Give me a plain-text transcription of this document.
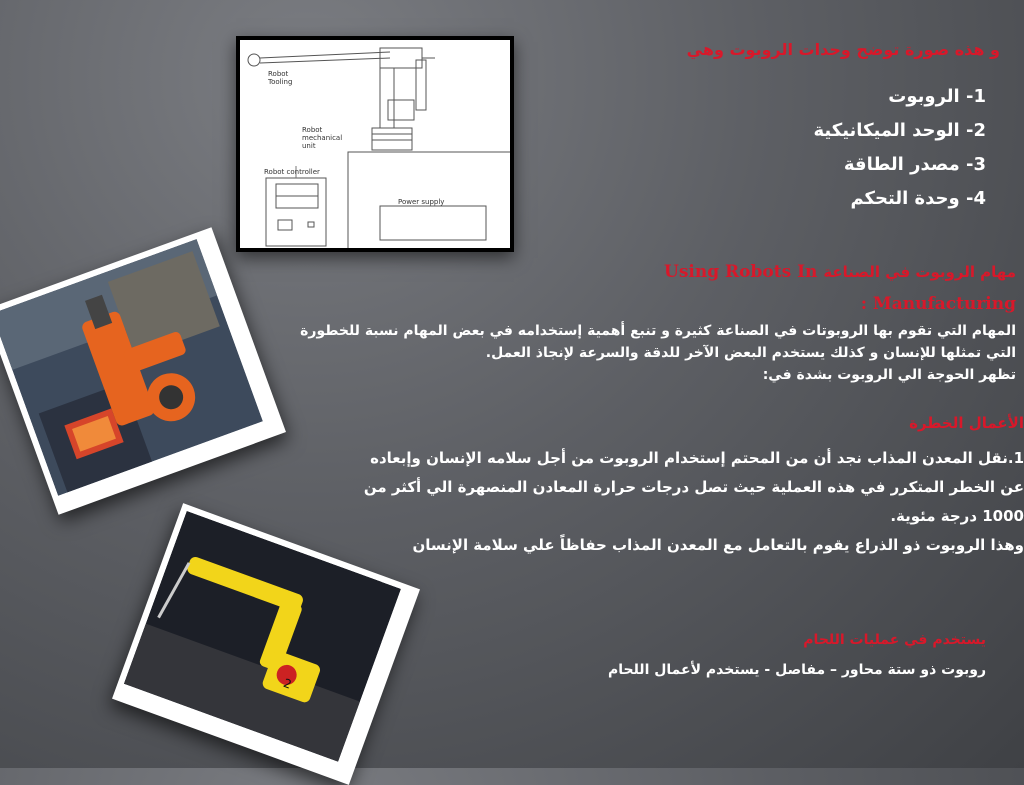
Robot
Tooling
Robot
mechanical
unit
Robot controller
Power supply
2
و هذه صورة توضح وحدات الروبوت وهي
1- الروبوت
2- الوحد الميكانيكية
3- مصدر الطاقة
4- وحدة التحكم
مهام الروبوت في الصناعة Using Robots In Manufacturing :
المهام التي تقوم بها الروبوتات في الصناعة كثيرة و تنبع أهمية إستخدامه في بعض المهام نسبة للخطورة
التي تمثلها للإنسان و كذلك يستخدم البعض الآخر للدقة والسرعة لإنجاذ العمل.
تظهر الحوجة الي الروبوت بشدة في:
الأعمال الخطرة
1.نقل المعدن المذاب نجد أن من المحتم إستخدام الروبوت من أجل سلامه الإنسان وإبعاده
عن الخطر المتكرر في هذه العملية حيث تصل درجات حرارة المعادن المنصهرة الي أكثر من
1000 درجة مئوية.
وهذا الروبوت ذو الذراع يقوم بالتعامل مع المعدن المذاب حفاظاً علي سلامة الإنسان
يستخدم في عمليات اللحام
روبوت ذو ستة محاور – مفاصل - يستخدم لأعمال اللحام
